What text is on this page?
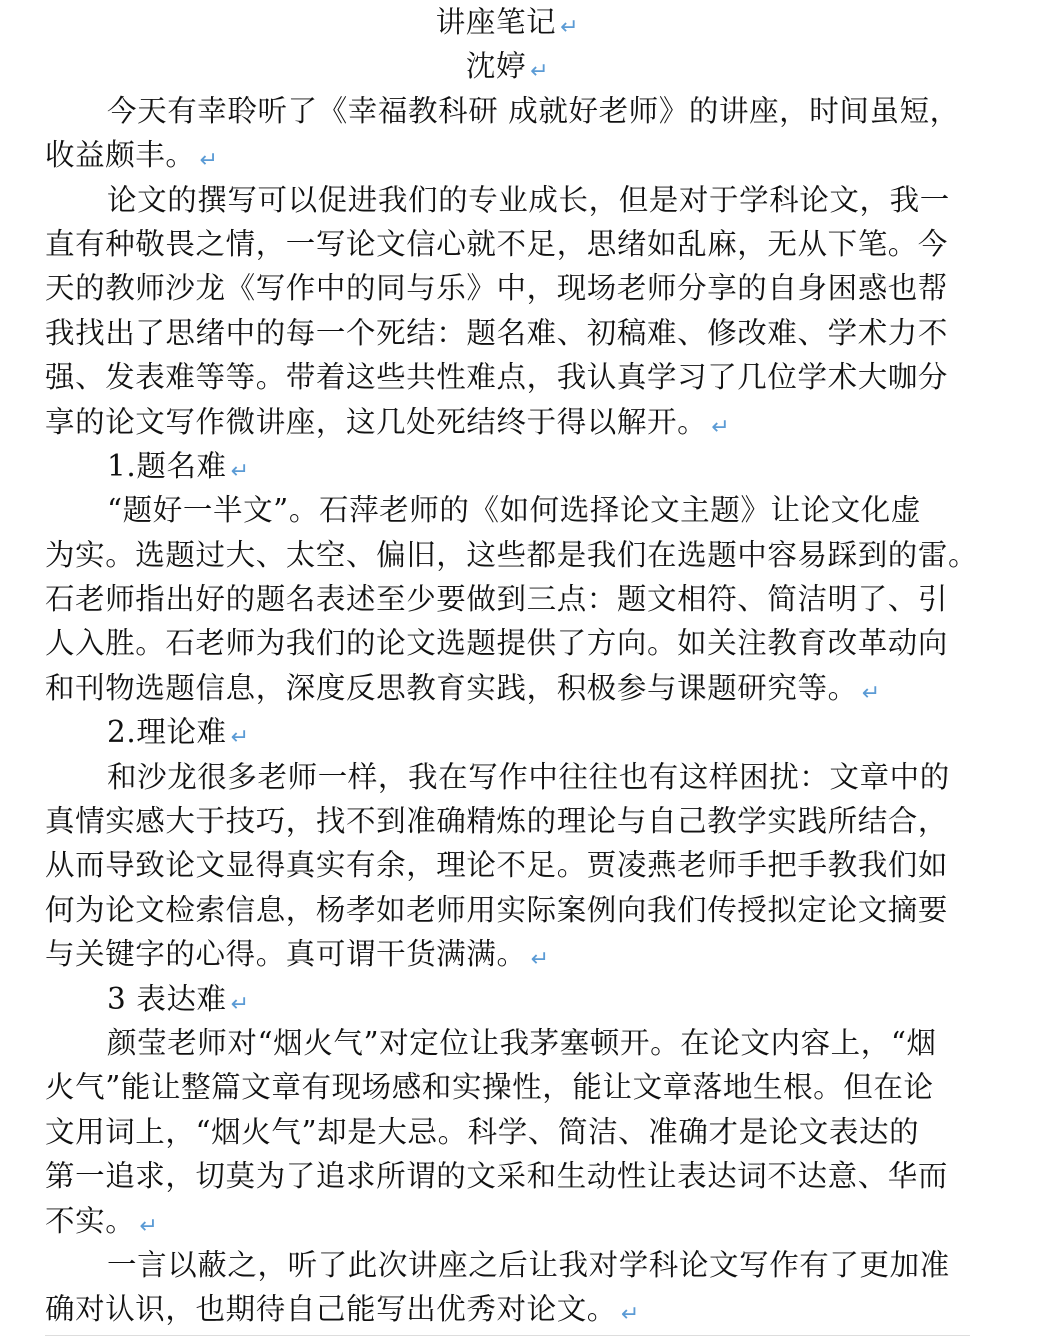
讲座笔记 ↵
沈婷 ↵
今天有幸聆听了《幸福教科研 成就好老师》的讲座，时间虽短，
收益颇丰。 ↵
论文的撰写可以促进我们的专业成长，但是对于学科论文，我一
直有种敬畏之情，一写论文信心就不足，思绪如乱麻，无从下笔。今
天的教师沙龙《写作中的同与乐》中，现场老师分享的自身困惑也帮
我找出了思绪中的每一个死结：题名难、初稿难、修改难、学术力不
强、发表难等等。带着这些共性难点，我认真学习了几位学术大咖分
享的论文写作微讲座，这几处死结终于得以解开。 ↵
1.题名难 ↵
“题好一半文”。石萍老师的《如何选择论文主题》让论文化虚
为实。选题过大、太空、偏旧，这些都是我们在选题中容易踩到的雷。
石老师指出好的题名表述至少要做到三点：题文相符、简洁明了、引
人入胜。石老师为我们的论文选题提供了方向。如关注教育改革动向
和刊物选题信息，深度反思教育实践，积极参与课题研究等。 ↵
2.理论难 ↵
和沙龙很多老师一样，我在写作中往往也有这样困扰：文章中的
真情实感大于技巧，找不到准确精炼的理论与自己教学实践所结合，
从而导致论文显得真实有余，理论不足。贾凌燕老师手把手教我们如
何为论文检索信息，杨孝如老师用实际案例向我们传授拟定论文摘要
与关键字的心得。真可谓干货满满。 ↵
3 表达难 ↵
颜莹老师对“烟火气”对定位让我茅塞顿开。在论文内容上，“烟
火气”能让整篇文章有现场感和实操性，能让文章落地生根。但在论
文用词上，“烟火气”却是大忌。科学、简洁、准确才是论文表达的
第一追求，切莫为了追求所谓的文采和生动性让表达词不达意、华而
不实。 ↵
一言以蔽之，听了此次讲座之后让我对学科论文写作有了更加准
确对认识，也期待自己能写出优秀对论文。 ↵
